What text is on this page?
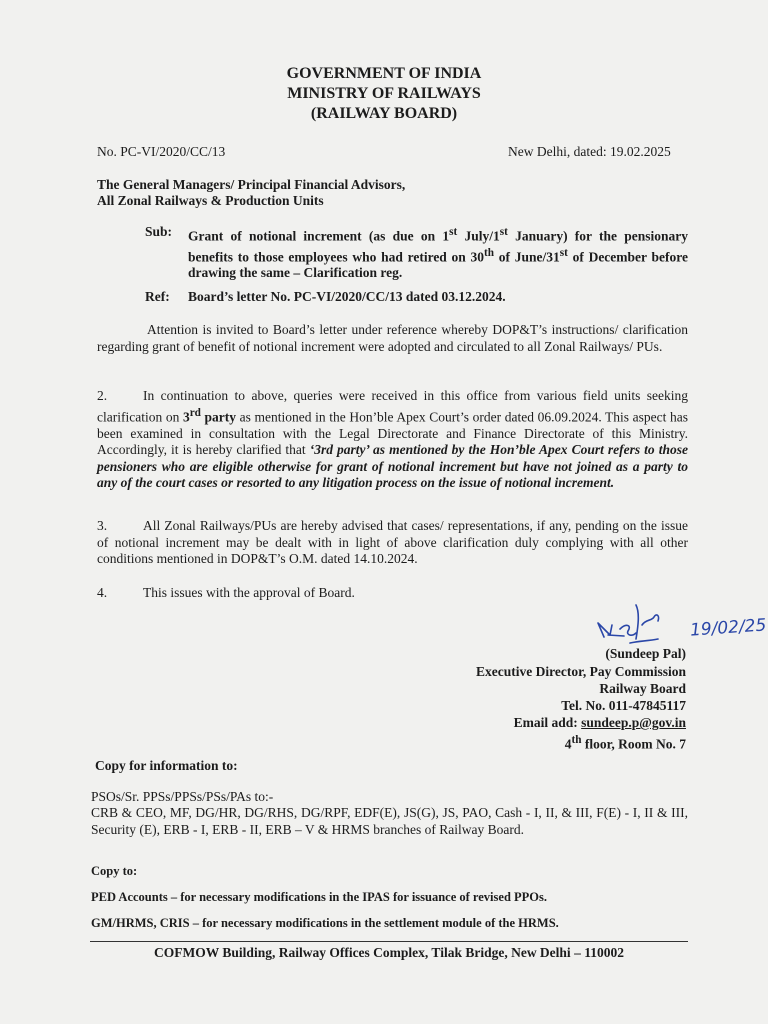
GOVERNMENT OF INDIA
MINISTRY OF RAILWAYS
(RAILWAY BOARD)
No. PC-VI/2020/CC/13	New Delhi, dated: 19.02.2025
The General Managers/ Principal Financial Advisors,
All Zonal Railways & Production Units
Sub: Grant of notional increment (as due on 1st July/1st January) for the pensionary benefits to those employees who had retired on 30th of June/31st of December before drawing the same – Clarification reg.
Ref: Board’s letter No. PC-VI/2020/CC/13 dated 03.12.2024.

Attention is invited to Board’s letter under reference whereby DOP&T’s instructions/ clarification regarding grant of benefit of notional increment were adopted and circulated to all Zonal Railways/ PUs.

2.	In continuation to above, queries were received in this office from various field units seeking clarification on 3rd party as mentioned in the Hon’ble Apex Court’s order dated 06.09.2024. This aspect has been examined in consultation with the Legal Directorate and Finance Directorate of this Ministry. Accordingly, it is hereby clarified that ‘3rd party’ as mentioned by the Hon’ble Apex Court refers to those pensioners who are eligible otherwise for grant of notional increment but have not joined as a party to any of the court cases or resorted to any litigation process on the issue of notional increment.

3.	All Zonal Railways/PUs are hereby advised that cases/ representations, if any, pending on the issue of notional increment may be dealt with in light of above clarification duly complying with all other conditions mentioned in DOP&T’s O.M. dated 14.10.2024.

4.	This issues with the approval of Board.

19/02/25
(Sundeep Pal)
Executive Director, Pay Commission
Railway Board
Tel. No. 011-47845117
Email add: sundeep.p@gov.in
4th floor, Room No. 7
Copy for information to:
PSOs/Sr. PPSs/PPSs/PSs/PAs to:-

CRB & CEO, MF, DG/HR, DG/RHS, DG/RPF, EDF(E), JS(G), JS, PAO, Cash - I, II, & III, F(E) - I, II & III, Security (E), ERB - I, ERB - II, ERB – V & HRMS branches of Railway Board.

Copy to:
PED Accounts – for necessary modifications in the IPAS for issuance of revised PPOs.
GM/HRMS, CRIS – for necessary modifications in the settlement module of the HRMS.
COFMOW Building, Railway Offices Complex, Tilak Bridge, New Delhi – 110002
